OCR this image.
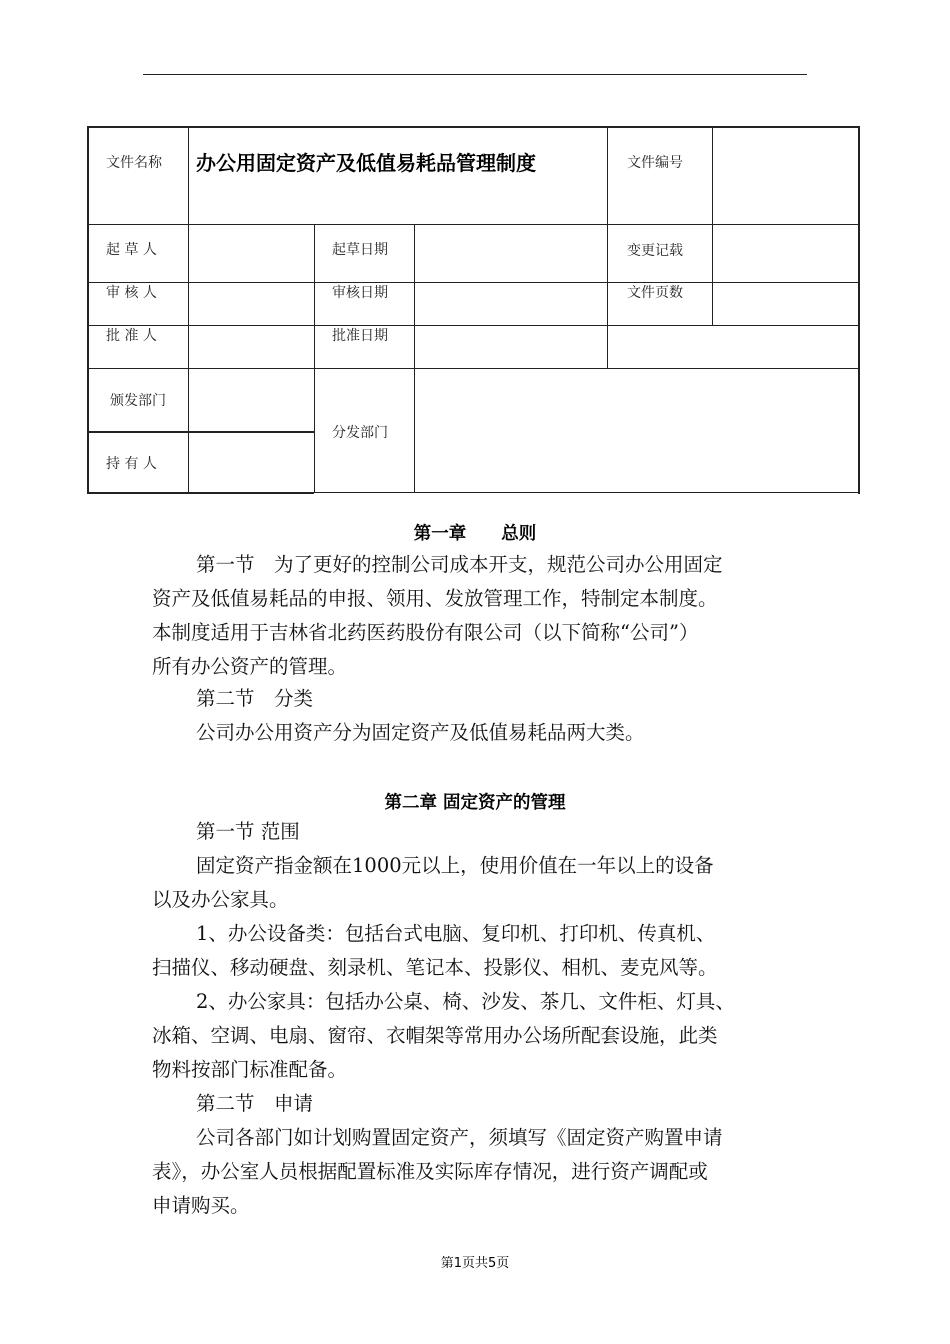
文件名称 办公用固定资产及低值易耗品管理制度	文件编号
起 草 人	起草日期	变更记载
审 核 人	审核日期	文件页数
批 准 人	批准日期
颁发部门
分发部门
持 有 人
第一章　　总则
第一节　为了更好的控制公司成本开支，规范公司办公用固定
资产及低值易耗品的申报、领用、发放管理工作，特制定本制度。
本制度适用于吉林省北药医药股份有限公司（以下简称“公司”）
所有办公资产的管理。
第二节　分类
公司办公用资产分为固定资产及低值易耗品两大类。
第二章 固定资产的管理
第一节 范围
固定资产指金额在1000元以上，使用价值在一年以上的设备
以及办公家具。
1、办公设备类：包括台式电脑、复印机、打印机、传真机、
扫描仪、移动硬盘、刻录机、笔记本、投影仪、相机、麦克风等。
2、办公家具：包括办公桌、椅、沙发、茶几、文件柜、灯具、
冰箱、空调、电扇、窗帘、衣帽架等常用办公场所配套设施，此类
物料按部门标准配备。
第二节　申请
公司各部门如计划购置固定资产，须填写《固定资产购置申请
表》，办公室人员根据配置标准及实际库存情况，进行资产调配或
申请购买。
第1页共5页
